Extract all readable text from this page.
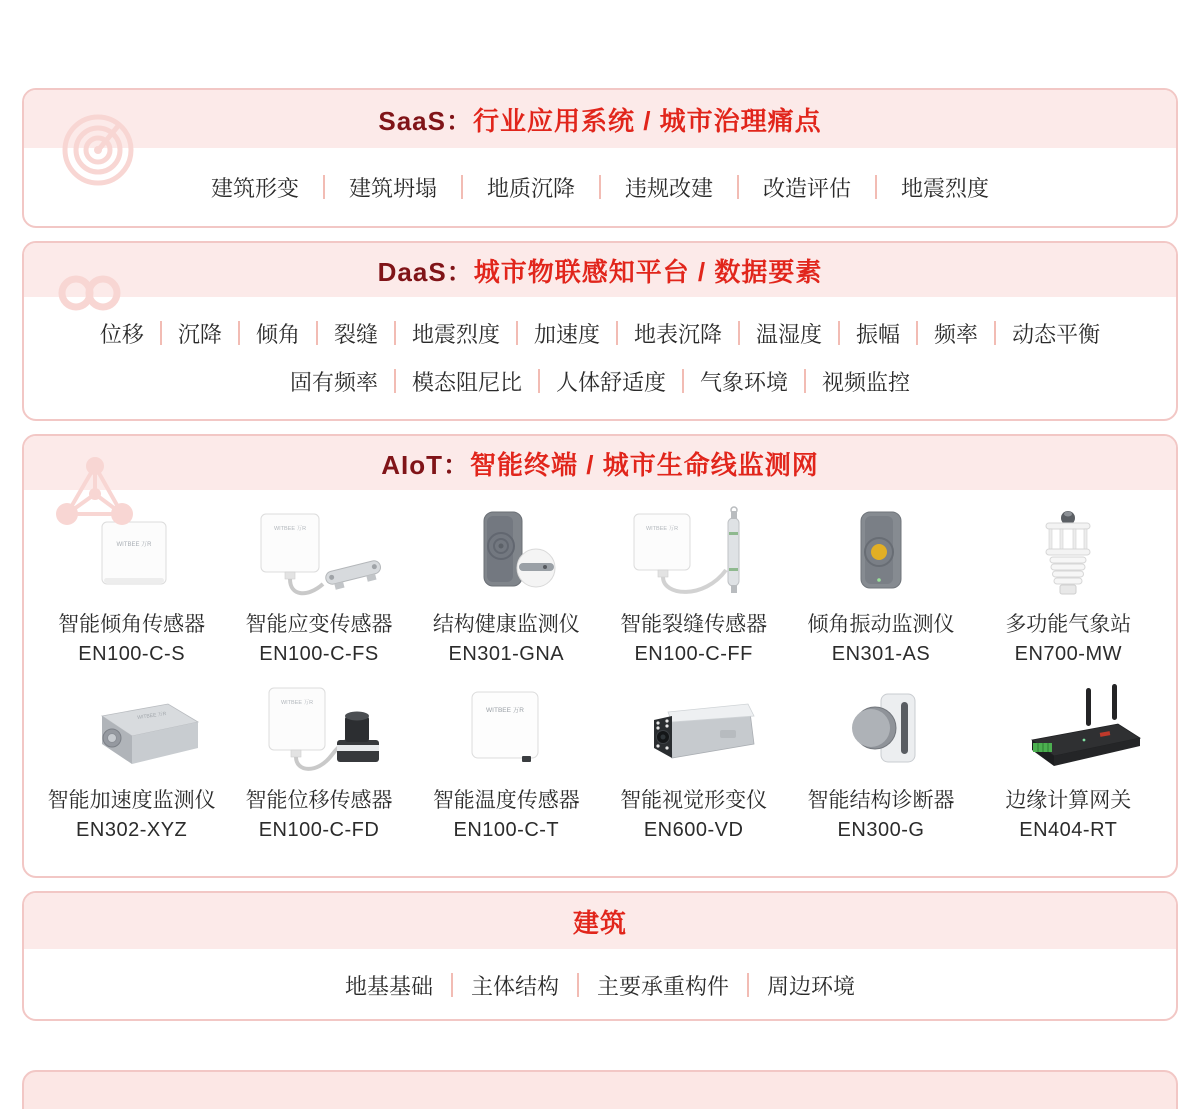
SaaS：行业应用系统 / 城市治理痛点
建筑形变 建筑坍塌 地质沉降 违规改建 改造评估 地震烈度
DaaS：城市物联感知平台 / 数据要素
位移 沉降 倾角 裂缝 地震烈度 加速度 地表沉降 温湿度 振幅 频率 动态平衡
固有频率 模态阻尼比 人体舒适度 气象环境 视频监控
AIoT：智能终端 / 城市生命线监测网
WITBEE 万R
智能倾角传感器
EN100-C-S
WITBEE 万R
智能应变传感器
EN100-C-FS
结构健康监测仪
EN301-GNA
WITBEE 万R
智能裂缝传感器
EN100-C-FF
倾角振动监测仪
EN301-AS
多功能气象站
EN700-MW
WITBEE 万R
智能加速度监测仪
EN302-XYZ
WITBEE 万R
智能位移传感器
EN100-C-FD
WITBEE 万R
智能温度传感器
EN100-C-T
智能视觉形变仪
EN600-VD
智能结构诊断器
EN300-G
边缘计算网关
EN404-RT
建筑
地基基础 主体结构 主要承重构件 周边环境
